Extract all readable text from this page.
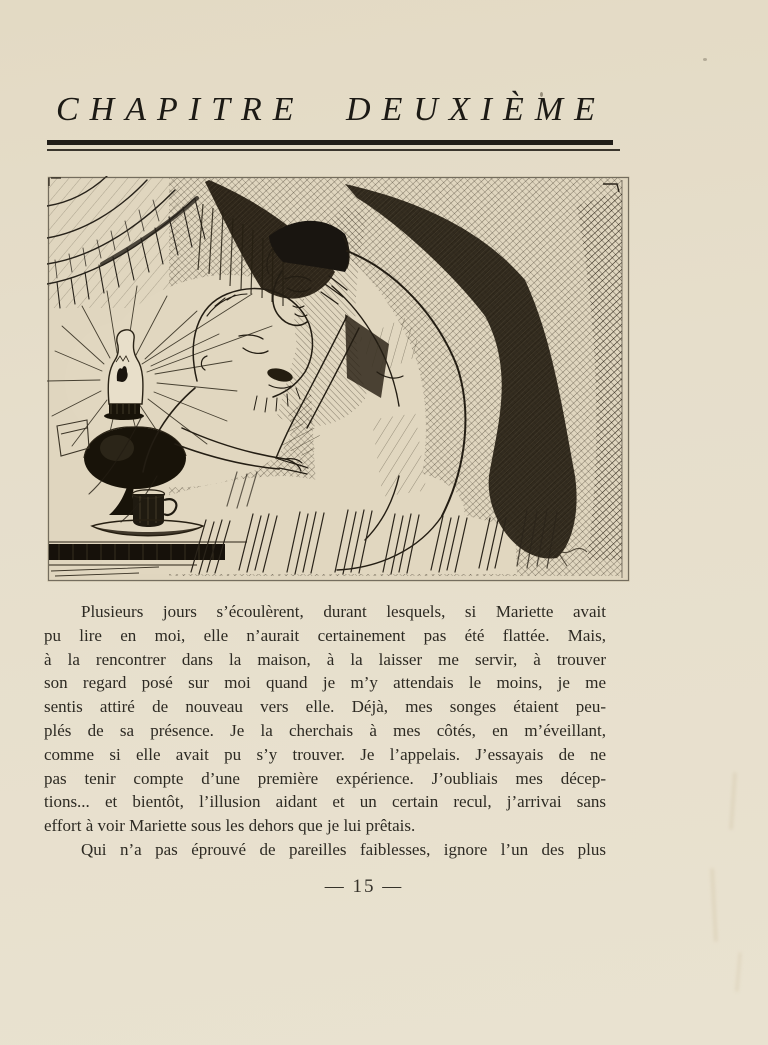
CHAPITRE DEUXIÈME
Plusieurs jours s’écoulèrent, durant lesquels, si Mariette avait
pu lire en moi, elle n’aurait certainement pas été flattée. Mais,
à la rencontrer dans la maison, à la laisser me servir, à trouver
son regard posé sur moi quand je m’y attendais le moins, je me
sentis attiré de nouveau vers elle. Déjà, mes songes étaient peu-
plés de sa présence. Je la cherchais à mes côtés, en m’éveillant,
comme si elle avait pu s’y trouver. Je l’appelais. J’essayais de ne
pas tenir compte d’une première expérience. J’oubliais mes décep-
tions... et bientôt, l’illusion aidant et un certain recul, j’arrivai sans
effort à voir Mariette sous les dehors que je lui prêtais.
Qui n’a pas éprouvé de pareilles faiblesses, ignore l’un des plus
— 15 —
